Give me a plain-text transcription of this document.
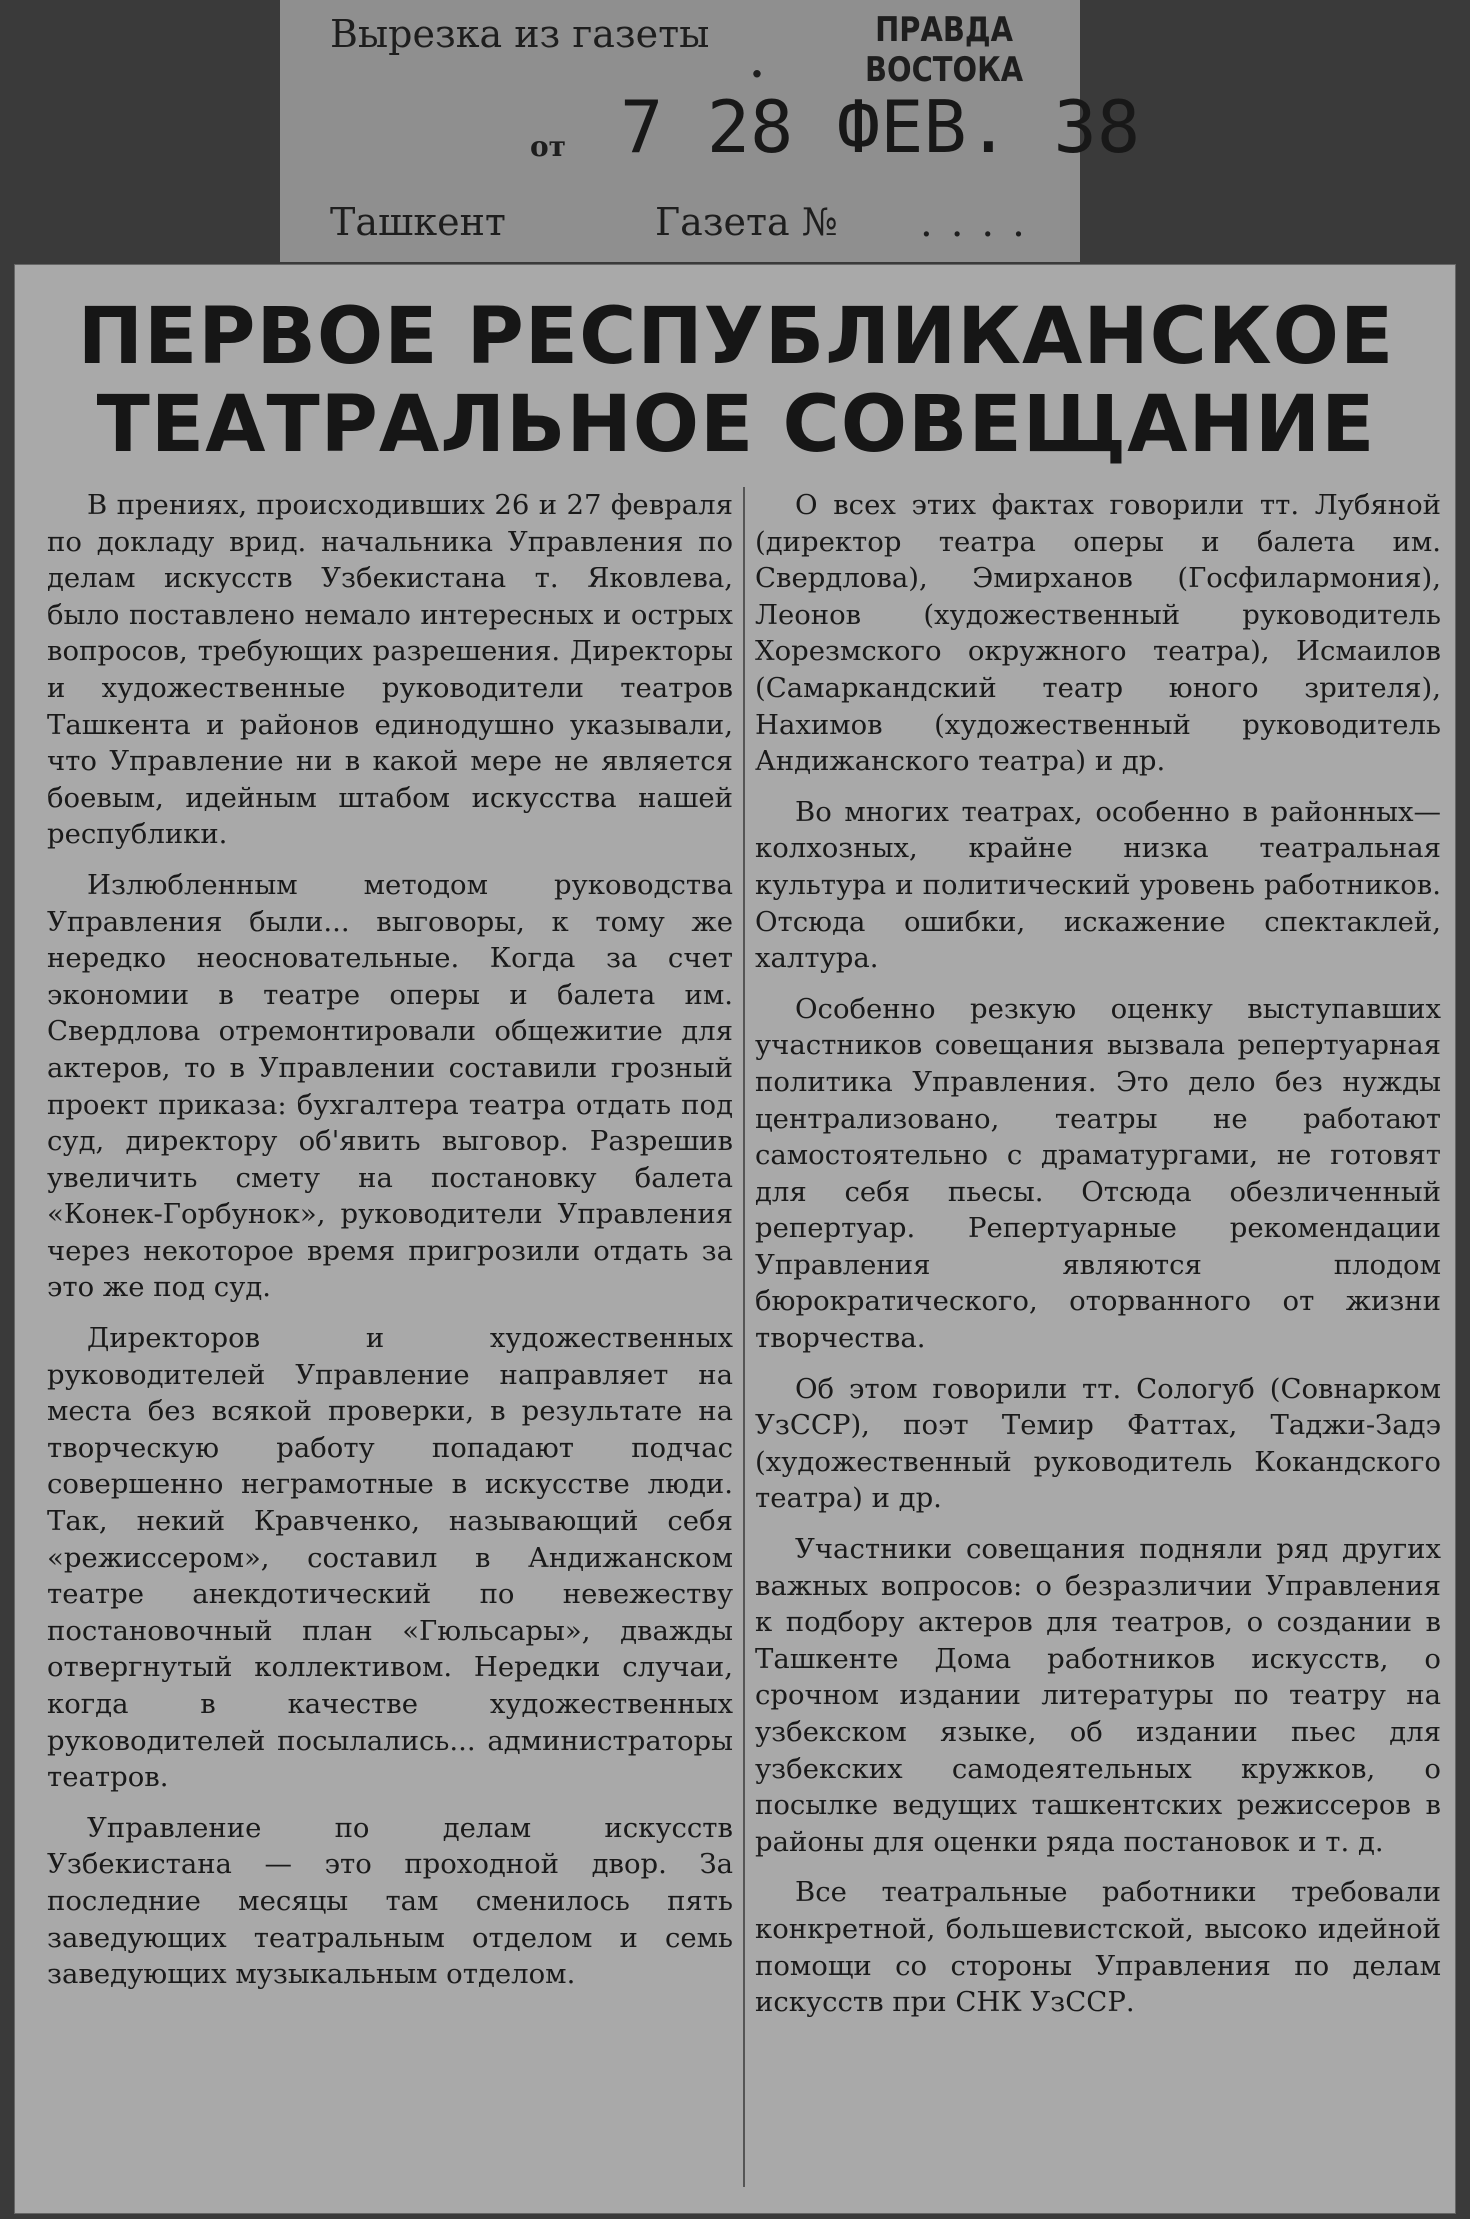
Вырезка из газеты
.
ПРАВДА
ВОСТОКА
от 7 28 ФЕВ. 38
Ташкент	Газета № ....
ПЕРВОЕ РЕСПУБЛИКАНСКОЕ
ТЕАТРАЛЬНОЕ СОВЕЩАНИЕ

В прениях, происходивших 26 и 27 февраля по докладу врид. начальника Управления по делам искусств Узбекистана т. Яковлева, было поставлено немало интересных и острых вопросов, требующих разрешения. Директоры и художественные руководители театров Ташкента и районов единодушно указывали, что Управление ни в какой мере не является боевым, идейным штабом искусства нашей республики.

Излюбленным методом руководства Управления были... выговоры, к тому же нередко неосновательные. Когда за счет экономии в театре оперы и балета им. Свердлова отремонтировали общежитие для актеров, то в Управлении составили грозный проект приказа: бухгалтера театра отдать под суд, директору об'явить выговор. Разрешив увеличить смету на постановку балета «Конек-Горбунок», руководители Управления через некоторое время пригрозили отдать за это же под суд.

Директоров и художественных руководителей Управление направляет на места без всякой проверки, в результате на творческую работу попадают подчас совершенно неграмотные в искусстве люди. Так, некий Кравченко, называющий себя «режиссером», составил в Андижанском театре анекдотический по невежеству постановочный план «Гюльсары», дважды отвергнутый коллективом. Нередки случаи, когда в качестве художественных руководителей посылались... администраторы театров.

Управление по делам искусств Узбекистана — это проходной двор. За последние месяцы там сменилось пять заведующих театральным отделом и семь заведующих музыкальным отделом.

О всех этих фактах говорили тт. Лубяной (директор театра оперы и балета им. Свердлова), Эмирханов (Госфилармония), Леонов (художественный руководитель Хорезмского окружного театра), Исмаилов (Самаркандский театр юного зрителя), Нахимов (художественный руководитель Андижанского театра) и др.

Во многих театрах, особенно в районных—колхозных, крайне низка театральная культура и политический уровень работников. Отсюда ошибки, искажение спектаклей, халтура.

Особенно резкую оценку выступавших участников совещания вызвала репертуарная политика Управления. Это дело без нужды централизовано, театры не работают самостоятельно с драматургами, не готовят для себя пьесы. Отсюда обезличенный репертуар. Репертуарные рекомендации Управления являются плодом бюрократического, оторванного от жизни творчества.

Об этом говорили тт. Сологуб (Совнарком УзССР), поэт Темир Фаттах, Таджи-Задэ (художественный руководитель Кокандского театра) и др.

Участники совещания подняли ряд других важных вопросов: о безразличии Управления к подбору актеров для театров, о создании в Ташкенте Дома работников искусств, о срочном издании литературы по театру на узбекском языке, об издании пьес для узбекских самодеятельных кружков, о посылке ведущих ташкентских режиссеров в районы для оценки ряда постановок и т. д.

Все театральные работники требовали конкретной, большевистской, высоко идейной помощи со стороны Управления по делам искусств при СНК УзССР.
